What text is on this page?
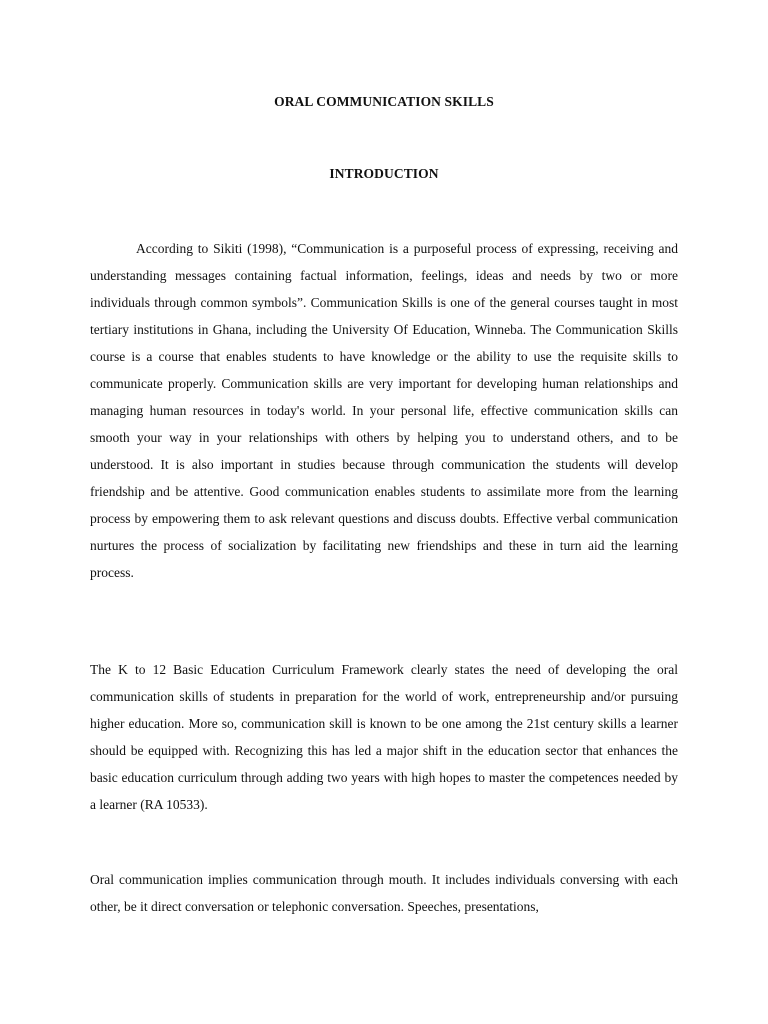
ORAL COMMUNICATION SKILLS
INTRODUCTION

According to Sikiti (1998), “Communication is a purposeful process of expressing, receiving and understanding messages containing factual information, feelings, ideas and needs by two or more individuals through common symbols”. Communication Skills is one of the general courses taught in most tertiary institutions in Ghana, including the University Of Education, Winneba. The Communication Skills course is a course that enables students to have knowledge or the ability to use the requisite skills to communicate properly. Communication skills are very important for developing human relationships and managing human resources in today's world. In your personal life, effective communication skills can smooth your way in your relationships with others by helping you to understand others, and to be understood. It is also important in studies because through communication the students will develop friendship and be attentive. Good communication enables students to assimilate more from the learning process by empowering them to ask relevant questions and discuss doubts. Effective verbal communication nurtures the process of socialization by facilitating new friendships and these in turn aid the learning process.

The K to 12 Basic Education Curriculum Framework clearly states the need of developing the oral communication skills of students in preparation for the world of work, entrepreneurship and/or pursuing higher education. More so, communication skill is known to be one among the 21st century skills a learner should be equipped with. Recognizing this has led a major shift in the education sector that enhances the basic education curriculum through adding two years with high hopes to master the competences needed by a learner (RA 10533).

Oral communication implies communication through mouth. It includes individuals conversing with each other, be it direct conversation or telephonic conversation. Speeches, presentations,
